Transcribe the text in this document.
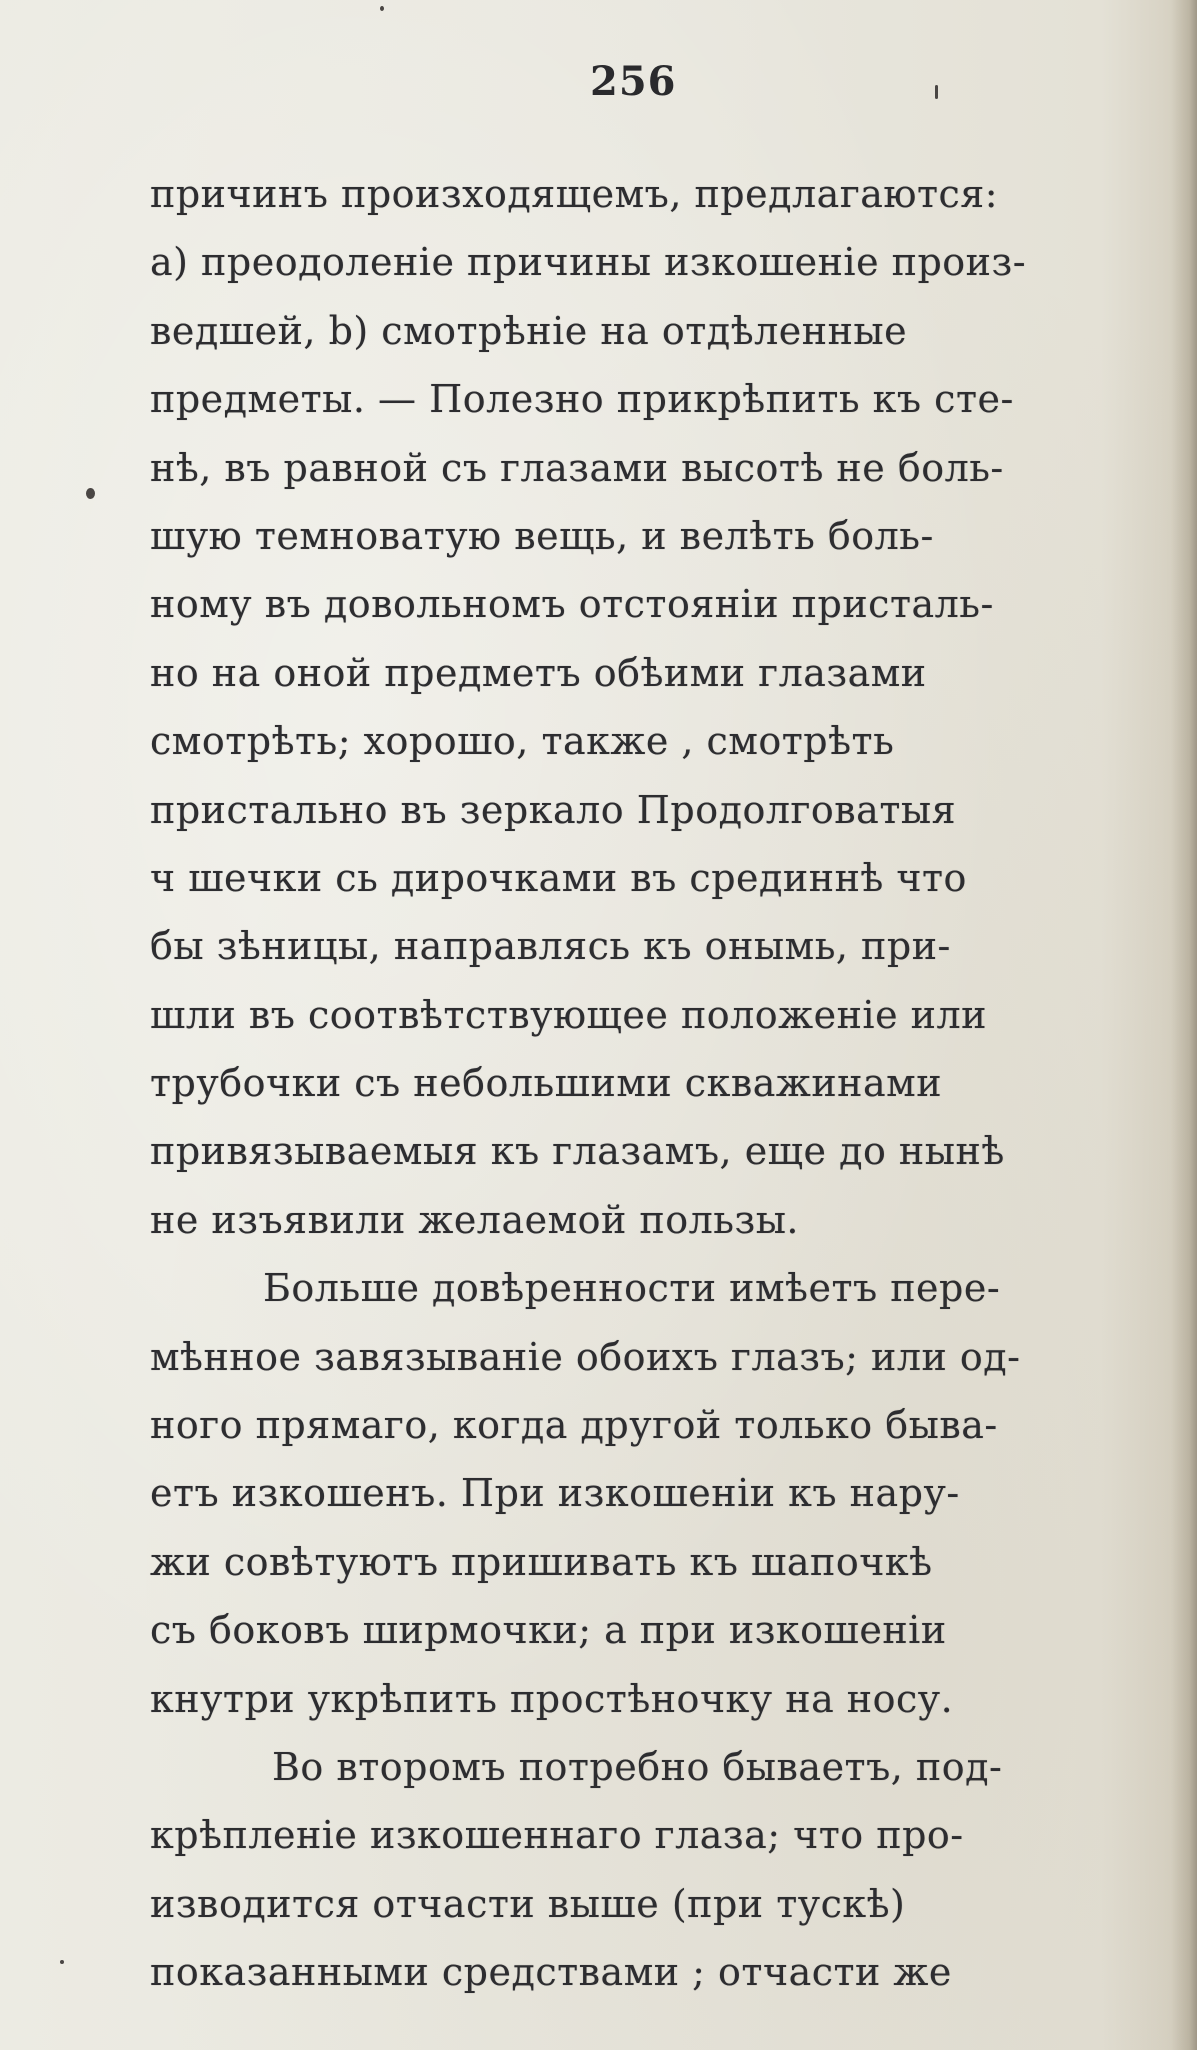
256
причинъ произходящемъ, предлагаются:
а) преодоленіе причины изкошеніе произ-
ведшей, b) смотрѣніе на отдѣленные
предметы. — Полезно прикрѣпить къ сте-
нѣ, въ равной съ глазами высотѣ не боль-
шую темноватую вещь, и велѣть боль-
ному въ довольномъ отстояніи присталь-
но на оной предметъ обѣими глазами
смотрѣть; хорошо, также , смотрѣть
пристально въ зеркало Продолговатыя
ч шечки сь дирочками въ срединнѣ что
бы зѣницы, направлясь къ онымь, при-
шли въ соотвѣтствующее положеніе или
трубочки съ небольшими скважинами
привязываемыя къ глазамъ, еще до нынѣ
не изъявили желаемой пользы.
Больше довѣренности имѣетъ пере-
мѣнное завязываніе обоихъ глазъ; или од-
ного прямаго, когда другой только быва-
етъ изкошенъ. При изкошеніи къ нару-
жи совѣтуютъ пришивать къ шапочкѣ
съ боковъ ширмочки; а при изкошеніи
кнутри укрѣпить простѣночку на носу.
Во второмъ потребно бываетъ, под-
крѣпленіе изкошеннаго глаза; что про-
изводится отчасти выше (при тускѣ)
показанными средствами ; отчасти же
